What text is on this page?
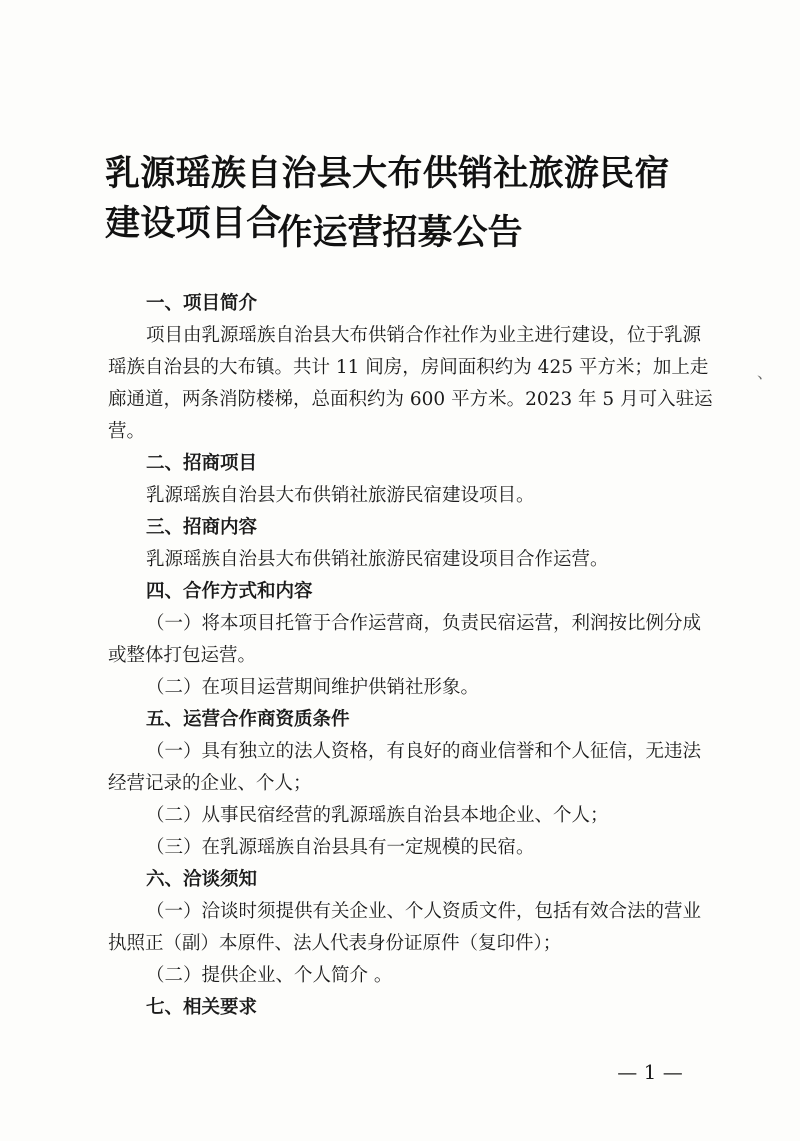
乳源瑶族自治县大布供销社旅游民宿建设项目合
作运营招募公告
一、项目简介
项目由乳源瑶族自治县大布供销合作社作为业主进行建设，位于乳源
瑶族自治县的大布镇。共计 11 间房，房间面积约为 425 平方米；加上走
廊通道，两条消防楼梯，总面积约为 600 平方米。2023 年 5 月可入驻运
营。
、
二、招商项目
乳源瑶族自治县大布供销社旅游民宿建设项目。
三、招商内容
乳源瑶族自治县大布供销社旅游民宿建设项目合作运营。
四、合作方式和内容
（一）将本项目托管于合作运营商，负责民宿运营，利润按比例分成
或整体打包运营。
（二）在项目运营期间维护供销社形象。
五、运营合作商资质条件
（一）具有独立的法人资格，有良好的商业信誉和个人征信，无违法
经营记录的企业、个人；
（二）从事民宿经营的乳源瑶族自治县本地企业、个人；
（三）在乳源瑶族自治县具有一定规模的民宿。
六、洽谈须知
（一）洽谈时须提供有关企业、个人资质文件，包括有效合法的营业
执照正（副）本原件、法人代表身份证原件（复印件）；
（二）提供企业、个人简介 。
七、相关要求
— 1 —
